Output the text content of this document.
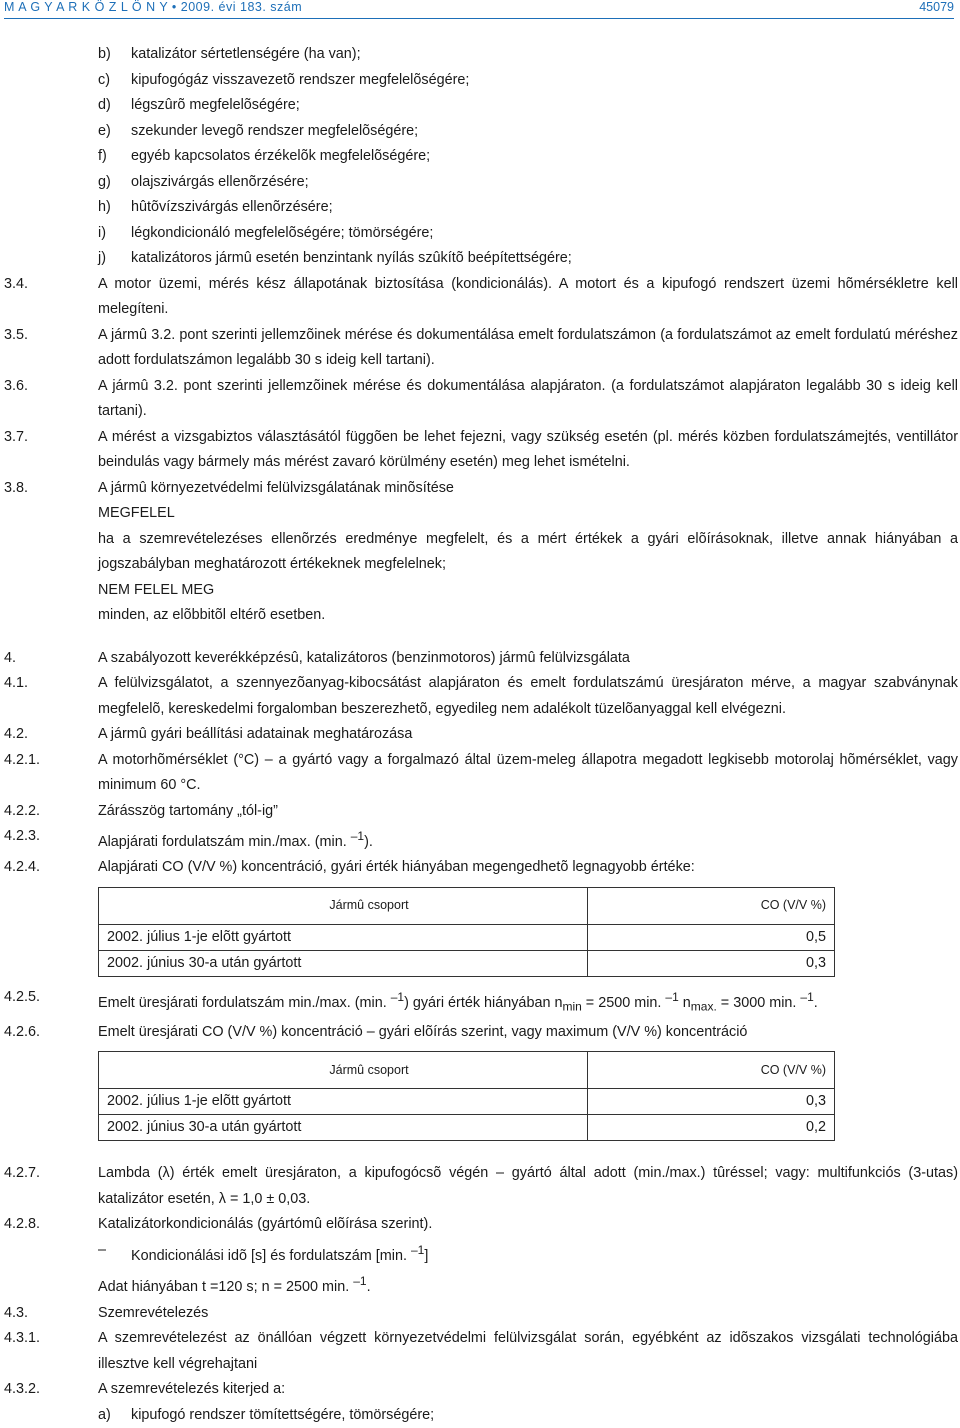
M A G Y A R K Ö Z L Ö N Y • 2009. évi 183. szám	45079
b)	katalizátor sértetlenségére (ha van);
c)	kipufogógáz visszavezetõ rendszer megfelelõségére;
d)	légszûrõ megfelelõségére;
e)	szekunder levegõ rendszer megfelelõségére;
f)	egyéb kapcsolatos érzékelõk megfelelõségére;
g)	olajszivárgás ellenõrzésére;
h)	hûtõvízszivárgás ellenõrzésére;
i)	légkondicionáló megfelelõségére; tömörségére;
j)	katalizátoros jármû esetén benzintank nyílás szûkítõ beépítettségére;
3.4.	A motor üzemi, mérés kész állapotának biztosítása (kondicionálás). A motort és a kipufogó rendszert üzemi hõmérsékletre kell melegíteni.
3.5.	A jármû 3.2. pont szerinti jellemzõinek mérése és dokumentálása emelt fordulatszámon (a fordulatszámot az emelt fordulatú méréshez adott fordulatszámon legalább 30 s ideig kell tartani).
3.6.	A jármû 3.2. pont szerinti jellemzõinek mérése és dokumentálása alapjáraton. (a fordulatszámot alapjáraton legalább 30 s ideig kell tartani).
3.7.	A mérést a vizsgabiztos választásától függõen be lehet fejezni, vagy szükség esetén (pl. mérés közben fordulatszámejtés, ventillátor beindulás vagy bármely más mérést zavaró körülmény esetén) meg lehet ismételni.
3.8.	A jármû környezetvédelmi felülvizsgálatának minõsítése
MEGFELEL
ha a szemrevételezéses ellenõrzés eredménye megfelelt, és a mért értékek a gyári elõírásoknak, illetve annak hiányában a jogszabályban meghatározott értékeknek megfelelnek;
NEM FELEL MEG
minden, az elõbbitõl eltérõ esetben.
4.	A szabályozott keverékképzésû, katalizátoros (benzinmotoros) jármû felülvizsgálata
4.1.	A felülvizsgálatot, a szennyezõanyag-kibocsátást alapjáraton és emelt fordulatszámú üresjáraton mérve, a magyar szabványnak megfelelõ, kereskedelmi forgalomban beszerezhetõ, egyedileg nem adalékolt tüzelõanyaggal kell elvégezni.
4.2.	A jármû gyári beállítási adatainak meghatározása
4.2.1.	A motorhõmérséklet (°C) – a gyártó vagy a forgalmazó által üzem-meleg állapotra megadott legkisebb motorolaj hõmérséklet, vagy minimum 60 °C.
4.2.2.	Zárásszög tartomány „tól-ig”
4.2.3.	Alapjárati fordulatszám min./max. (min. $^{-1}$).
4.2.4.	Alapjárati CO (V/V %) koncentráció, gyári érték hiányában megengedhetõ legnagyobb értéke:
Jármû csoport	CO (V/V %)
2002. július 1-je elõtt gyártott	0,5
2002. június 30-a után gyártott	0,3
4.2.5.	Emelt üresjárati fordulatszám min./max. (min. $^{-1}$) gyári érték hiányában $n_{min} = 2500$ min. $^{-1}$ $n_{max.} = 3000$ min. $^{-1}$.
4.2.6.	Emelt üresjárati CO (V/V %) koncentráció – gyári elõírás szerint, vagy maximum (V/V %) koncentráció
Jármû csoport	CO (V/V %)
2002. július 1-je elõtt gyártott	0,3
2002. június 30-a után gyártott	0,2
4.2.7.	Lambda (λ) érték emelt üresjáraton, a kipufogócsõ végén – gyártó által adott (min./max.) tûréssel; vagy: multifunkciós (3-utas) katalizátor esetén, λ = 1,0 ± 0,03.
4.2.8.	Katalizátorkondicionálás (gyártómû elõírása szerint).
–	Kondicionálási idõ [s] és fordulatszám [min. $^{-1}$]
Adat hiányában t =120 s; n = 2500 min. $^{-1}$.
4.3.	Szemrevételezés
4.3.1.	A szemrevételezést az önállóan végzett környezetvédelmi felülvizsgálat során, egyébként az idõszakos vizsgálati technológiába illesztve kell végrehajtani
4.3.2.	A szemrevételezés kiterjed a:
a)	kipufogó rendszer tömítettségére, tömörségére;
